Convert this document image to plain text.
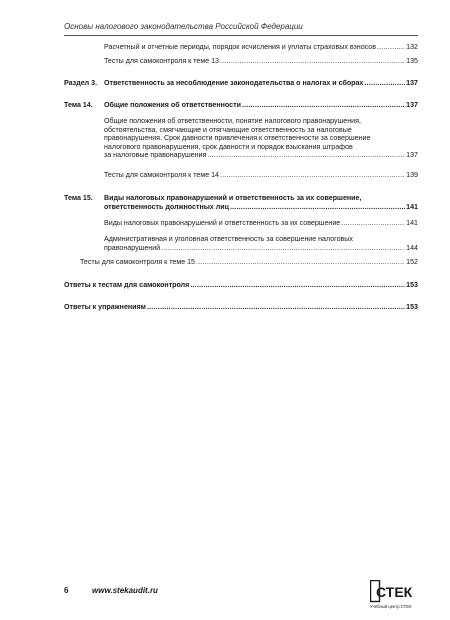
Основы налогового законодательства Российской Федерации
Расчетный и отчетные периоды, порядок исчисления и уплаты страховых взносов .....	132
Тесты для самоконтроля к теме 13 .....	135
Раздел 3. Ответственность за несоблюдение законодательства о налогах и сборах .....	137
Тема 14. Общие положения об ответственности .....	137
Общие положения об ответственности, понятие налогового правонарушения,
обстоятельства, смягчающие и отягчающие ответственность за налоговые
правонарушения. Срок давности привлечения к ответственности за совершение
налогового правонарушения, срок давности и порядок взыскания штрафов
за налоговые правонарушения .....	137
Тесты для самоконтроля к теме 14 .....	139
Тема 15. Виды налоговых правонарушений и ответственность за их совершение,
ответственность должностных лиц .....	141
Виды налоговых правонарушений и ответственность за их совершение .....	141
Административная и уголовная ответственность за совершение налоговых
правонарушений .....	144
Тесты для самоконтроля к теме 15 .....	152
Ответы к тестам для самоконтроля .....	153
Ответы к упражнениям .....	153
6	www.stekaudit.ru	СТЕК
Учебный центр СТЕК
